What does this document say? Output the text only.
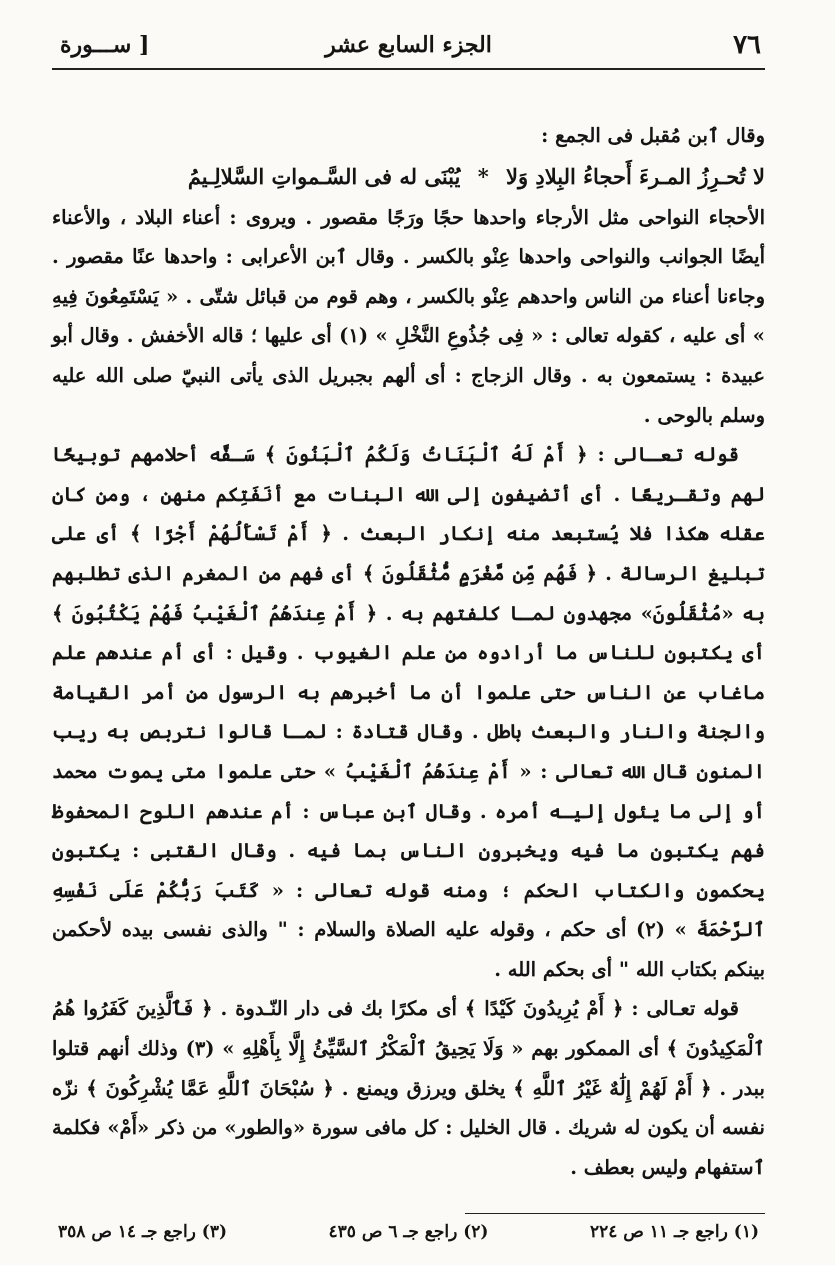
٧٦
الجزء السابع عشر
[ ســـورة

وقال ٱبن مُقبل فى الجمع :

لا تُحـرِزُ المـرءَ أَحجاءُ البِلادِ وَلا * يُبْنَى له فى السَّـمواتِ السَّلالِـيمُ

الأحجاء النواحى مثل الأرجاء واحدها حجًا ورَجًا مقصور . ويروى : أعناء البلاد ، والأعناء أيضًا الجوانب والنواحى واحدها عِنْو بالكسر . وقال ٱبن الأعرابى : واحدها عنًا مقصور . وجاءنا أعناء من الناس واحدهم عِنْو بالكسر ، وهم قوم من قبائل شتّى . « يَسْتَمِعُونَ فِيهِ » أى عليه ، كقوله تعالى : « فِى جُذُوعِ النَّخْلِ » (١) أى عليها ؛ قاله الأخفش . وقال أبو عبيدة : يستمعون به . وقال الزجاج : أى ألهم بجبريل الذى يأتى النبيّ صلى الله عليه وسلم بالوحى .

قوله تعـالى : ﴿ أَمْ لَهُ ٱلْبَنَاتُ وَلَكُمُ ٱلْبَنُونَ ﴾ سَـفَّه أحلامهم توبيخًا لهم وتقـريعًا . أى أتضيفون إلى الله البنات مع أنَفَتِكم منهن ، ومن كان عقله هكذا فلا يُستبعد منه إنكار البعث . ﴿ أَمْ تَسْأَلُهُمْ أَجْرًا ﴾ أى على تبليغ الرسالة . ﴿ فَهُم مِّن مَّغْرَمٍ مُّثْقَلُونَ ﴾ أى فهم من المغرم الذى تطلبهم به «مُثْقَلُونَ» مجهدون لمـا كلفتهم به . ﴿ أَمْ عِندَهُمُ ٱلْغَيْبُ فَهُمْ يَكْتُبُونَ ﴾ أى يكتبون للناس ما أرادوه من علم الغيوب . وقيل : أى أم عندهم علم ماغاب عن الناس حتى علموا أن ما أخبرهم به الرسول من أمر القيامة والجنة والنار والبعث باطل . وقال قتادة : لمـا قالوا نتربص به ريب المنون قال الله تعالى : « أَمْ عِندَهُمُ ٱلْغَيْبُ » حتى علموا متى يموت محمد أو إلى ما يئول إليـه أمره . وقال ٱبن عباس : أم عندهم اللوح المحفوظ فهم يكتبون ما فيه ويخبرون الناس بما فيه . وقال القتبى : يكتبون يحكمون والكتاب الحكم ؛ ومنه قوله تعالى : « كَتَبَ رَبُّكُمْ عَلَى نَفْسِهِ ٱلرَّحْمَةَ » (٢) أى حكم ، وقوله عليه الصلاة والسلام : " والذى نفسى بيده لأحكمن بينكم بكتاب الله " أى بحكم الله .

قوله تعـالى : ﴿ أَمْ يُرِيدُونَ كَيْدًا ﴾ أى مكرًا بك فى دار النّـدوة . ﴿ فَٱلَّذِينَ كَفَرُوا هُمُ ٱلْمَكِيدُونَ ﴾ أى الممكور بهم « وَلَا يَحِيقُ ٱلْمَكْرُ ٱلسَّيِّئُ إِلَّا بِأَهْلِهِ » (٣) وذلك أنهم قتلوا ببدر . ﴿ أَمْ لَهُمْ إِلَٰهٌ غَيْرُ ٱللَّهِ ﴾ يخلق ويرزق ويمنع . ﴿ سُبْحَانَ ٱللَّهِ عَمَّا يُشْرِكُونَ ﴾ نزّه نفسه أن يكون له شريك . قال الخليل : كل مافى سورة «والطور» من ذكر «أَمْ» فكلمة ٱستفهام وليس بعطف .

(١) راجع جـ ١١ ص ٢٢٤
(٢) راجع جـ ٦ ص ٤٣٥
(٣) راجع جـ ١٤ ص ٣٥٨
